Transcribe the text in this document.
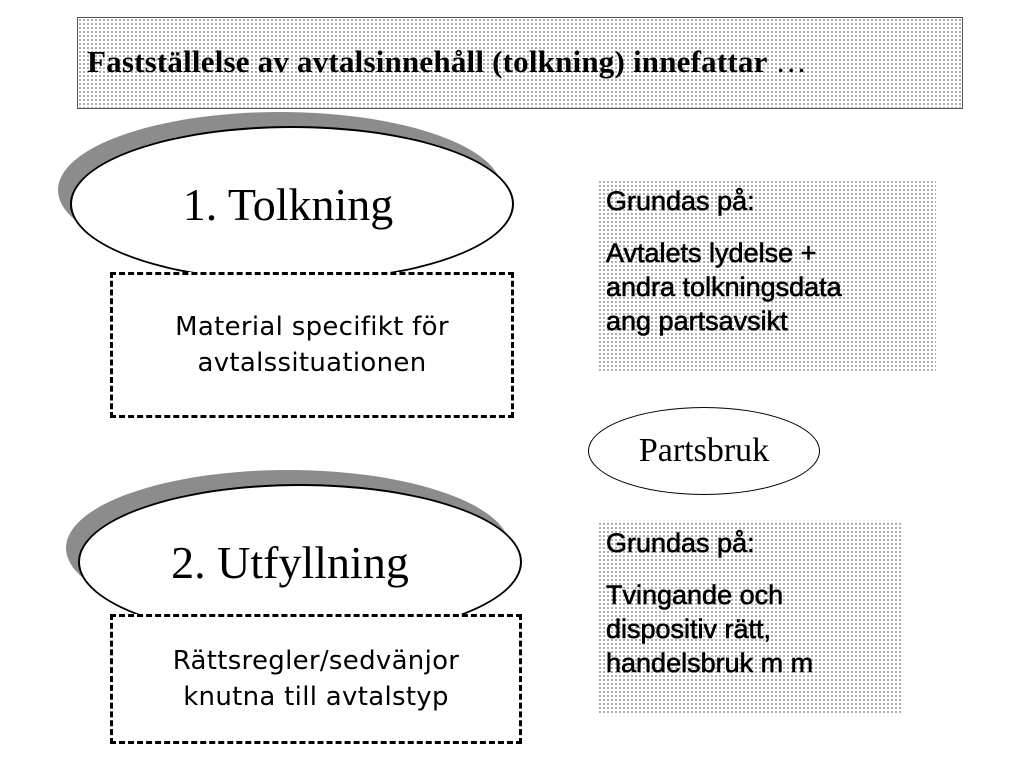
Fastställelse av avtalsinnehåll (tolkning) innefattar …
1. Tolkning
Material specifikt för
avtalssituationen
Grundas på:
Avtalets lydelse +
andra tolkningsdata
ang partsavsikt
Partsbruk
2. Utfyllning
Rättsregler/sedvänjor
knutna till avtalstyp
Grundas på:
Tvingande och
dispositiv rätt,
handelsbruk m m
